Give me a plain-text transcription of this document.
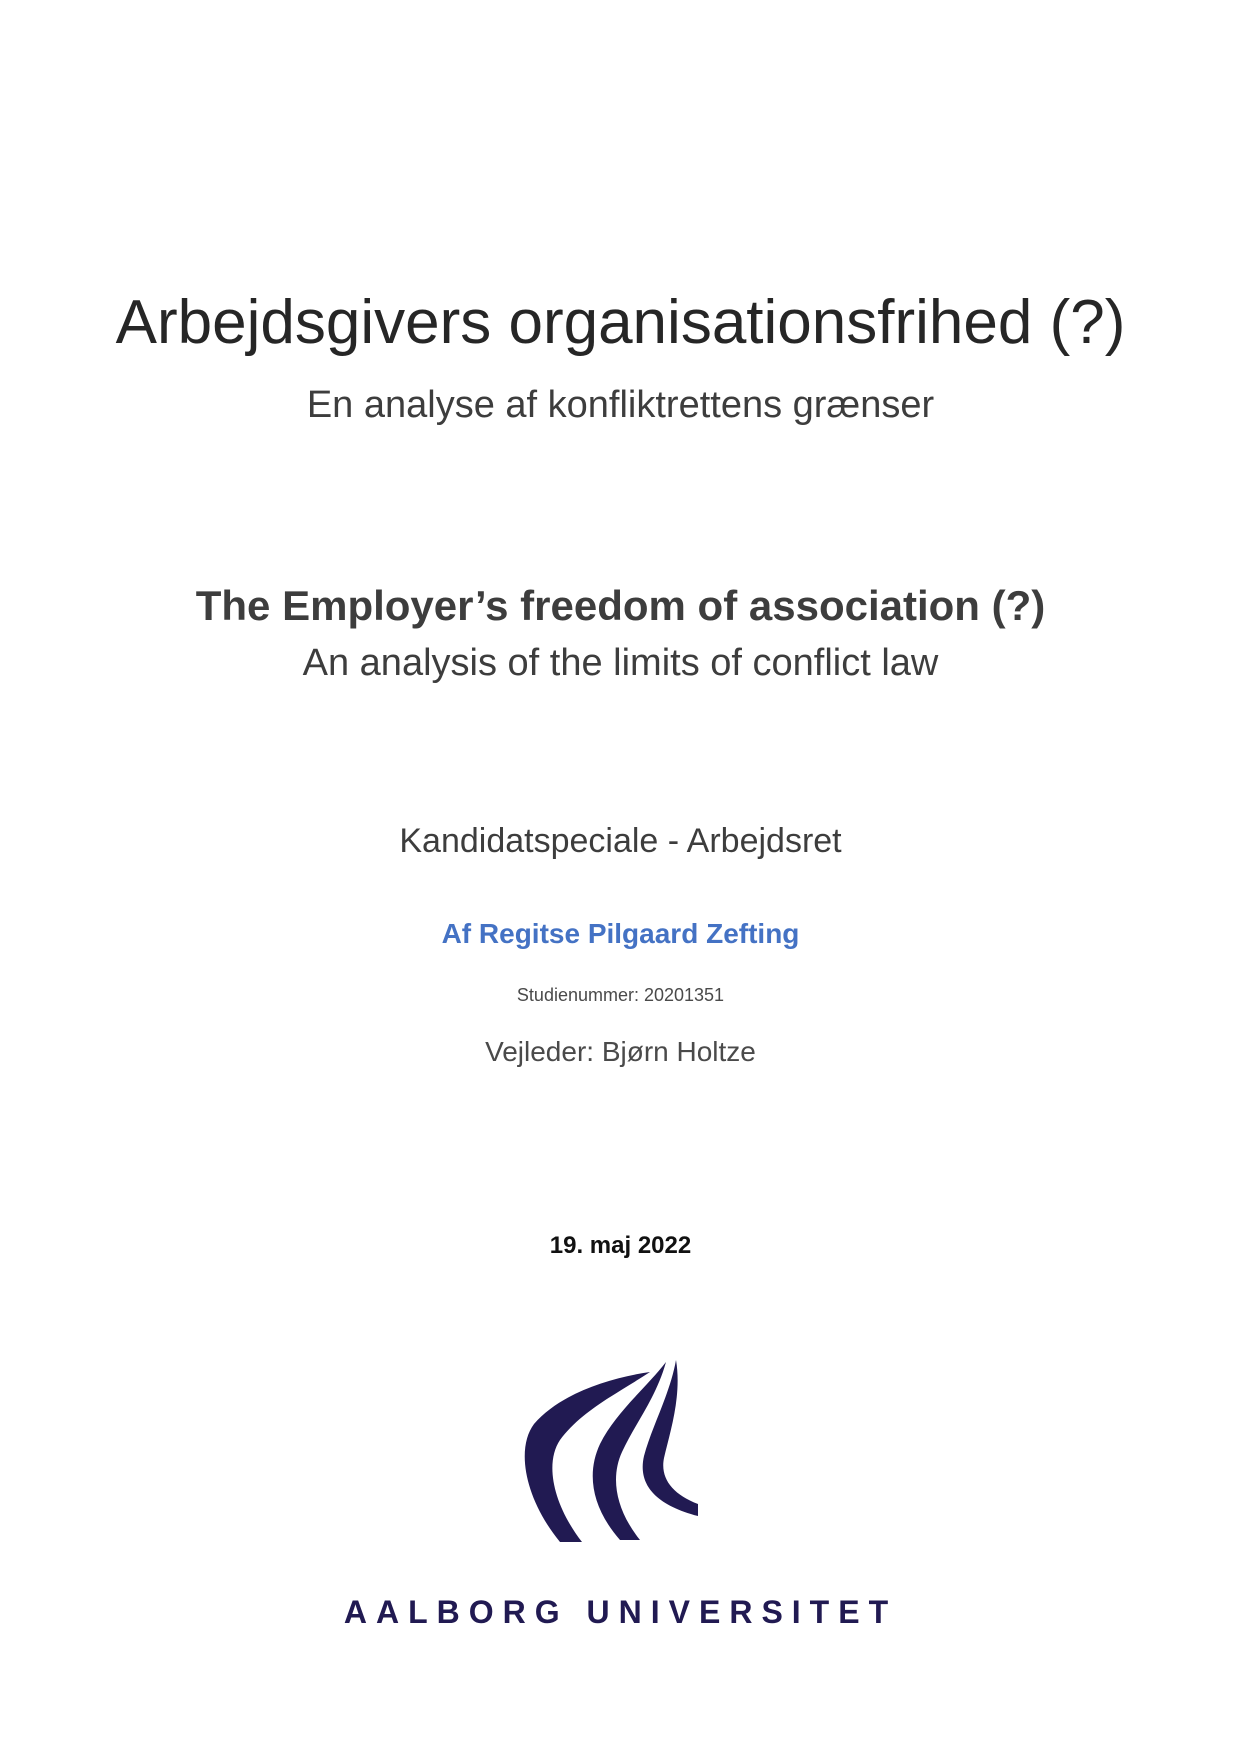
Arbejdsgivers organisationsfrihed (?)
En analyse af konfliktrettens grænser
The Employer’s freedom of association (?)
An analysis of the limits of conflict law
Kandidatspeciale - Arbejdsret
Af Regitse Pilgaard Zefting
Studienummer: 20201351
Vejleder: Bjørn Holtze
19. maj 2022
AALBORG UNIVERSITET
